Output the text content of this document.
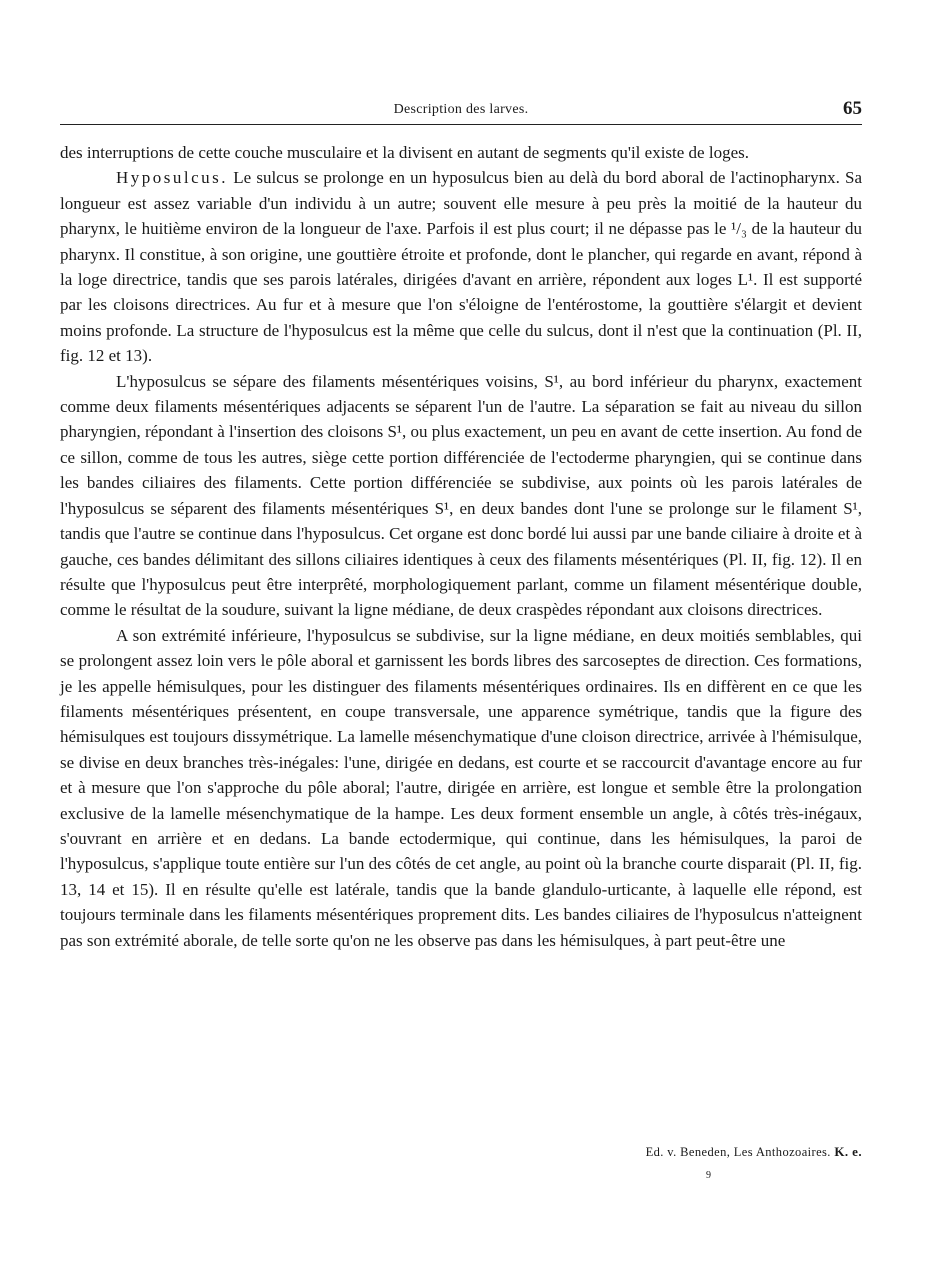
Description des larves.	65

des interruptions de cette couche musculaire et la divisent en autant de segments qu'il existe de loges.

Hyposulcus. Le sulcus se prolonge en un hyposulcus bien au delà du bord aboral de l'actinopharynx. Sa longueur est assez variable d'un individu à un autre; souvent elle mesure à peu près la moitié de la hauteur du pharynx, le huitième environ de la longueur de l'axe. Parfois il est plus court; il ne dépasse pas le ¹/₃ de la hauteur du pharynx. Il constitue, à son origine, une gouttière étroite et profonde, dont le plancher, qui regarde en avant, répond à la loge directrice, tandis que ses parois latérales, dirigées d'avant en arrière, répondent aux loges L¹. Il est supporté par les cloisons directrices. Au fur et à mesure que l'on s'éloigne de l'entérostome, la gouttière s'élargit et devient moins profonde. La structure de l'hyposulcus est la même que celle du sulcus, dont il n'est que la continuation (Pl. II, fig. 12 et 13).

L'hyposulcus se sépare des filaments mésentériques voisins, S¹, au bord inférieur du pharynx, exactement comme deux filaments mésentériques adjacents se séparent l'un de l'autre. La séparation se fait au niveau du sillon pharyngien, répondant à l'insertion des cloisons S¹, ou plus exactement, un peu en avant de cette insertion. Au fond de ce sillon, comme de tous les autres, siège cette portion différenciée de l'ectoderme pharyngien, qui se continue dans les bandes ciliaires des filaments. Cette portion différenciée se subdivise, aux points où les parois latérales de l'hyposulcus se séparent des filaments mésentériques S¹, en deux bandes dont l'une se prolonge sur le filament S¹, tandis que l'autre se continue dans l'hyposulcus. Cet organe est donc bordé lui aussi par une bande ciliaire à droite et à gauche, ces bandes délimitant des sillons ciliaires identiques à ceux des filaments mésentériques (Pl. II, fig. 12). Il en résulte que l'hyposulcus peut être interprêté, morphologiquement parlant, comme un filament mésentérique double, comme le résultat de la soudure, suivant la ligne médiane, de deux craspèdes répondant aux cloisons directrices.

A son extrémité inférieure, l'hyposulcus se subdivise, sur la ligne médiane, en deux moitiés semblables, qui se prolongent assez loin vers le pôle aboral et garnissent les bords libres des sarcoseptes de direction. Ces formations, je les appelle hémisulques, pour les distinguer des filaments mésentériques ordinaires. Ils en diffèrent en ce que les filaments mésentériques présentent, en coupe transversale, une apparence symétrique, tandis que la figure des hémisulques est toujours dissymétrique. La lamelle mésenchymatique d'une cloison directrice, arrivée à l'hémisulque, se divise en deux branches très-inégales: l'une, dirigée en dedans, est courte et se raccourcit d'avantage encore au fur et à mesure que l'on s'approche du pôle aboral; l'autre, dirigée en arrière, est longue et semble être la prolongation exclusive de la lamelle mésenchymatique de la hampe. Les deux forment ensemble un angle, à côtés très-inégaux, s'ouvrant en arrière et en dedans. La bande ectodermique, qui continue, dans les hémisulques, la paroi de l'hyposulcus, s'applique toute entière sur l'un des côtés de cet angle, au point où la branche courte disparait (Pl. II, fig. 13, 14 et 15). Il en résulte qu'elle est latérale, tandis que la bande glandulo-urticante, à laquelle elle répond, est toujours terminale dans les filaments mésentériques proprement dits. Les bandes ciliaires de l'hyposulcus n'atteignent pas son extrémité aborale, de telle sorte qu'on ne les observe pas dans les hémisulques, à part peut-être une

Ed. v. Beneden, Les Anthozoaires. K. e.
9
